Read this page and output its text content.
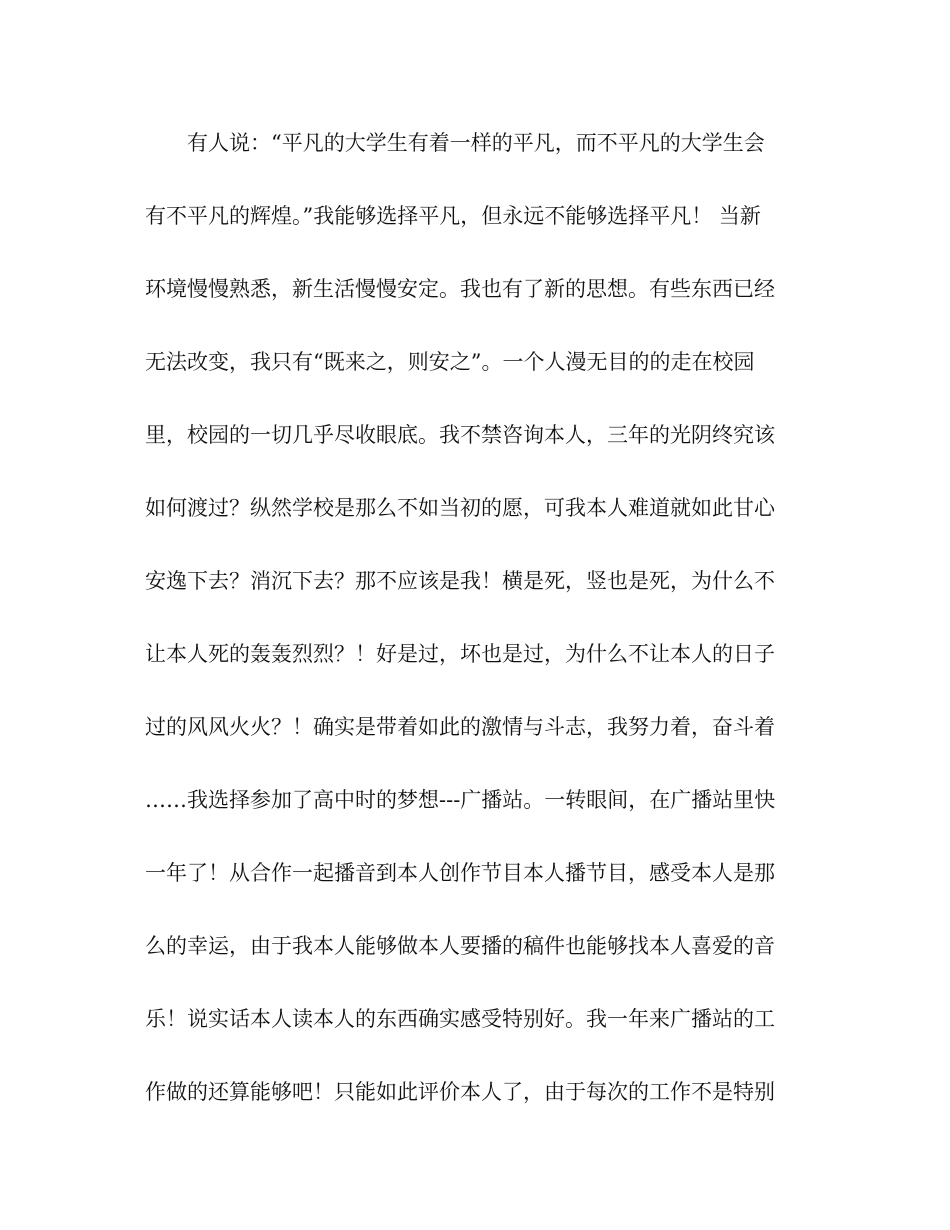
有人说：“平凡的大学生有着一样的平凡，而不平凡的大学生会
有不平凡的辉煌。”我能够选择平凡，但永远不能够选择平凡！ 当新
环境慢慢熟悉，新生活慢慢安定。我也有了新的思想。有些东西已经
无法改变，我只有“既来之，则安之”。一个人漫无目的的走在校园
里，校园的一切几乎尽收眼底。我不禁咨询本人，三年的光阴终究该
如何渡过？纵然学校是那么不如当初的愿，可我本人难道就如此甘心
安逸下去？消沉下去？那不应该是我！横是死，竖也是死，为什么不
让本人死的轰轰烈烈？！好是过，坏也是过，为什么不让本人的日子
过的风风火火？！确实是带着如此的激情与斗志，我努力着，奋斗着
……我选择参加了高中时的梦想---广播站。一转眼间，在广播站里快
一年了！从合作一起播音到本人创作节目本人播节目，感受本人是那
么的幸运，由于我本人能够做本人要播的稿件也能够找本人喜爱的音
乐！说实话本人读本人的东西确实感受特别好。我一年来广播站的工
作做的还算能够吧！只能如此评价本人了，由于每次的工作不是特别
